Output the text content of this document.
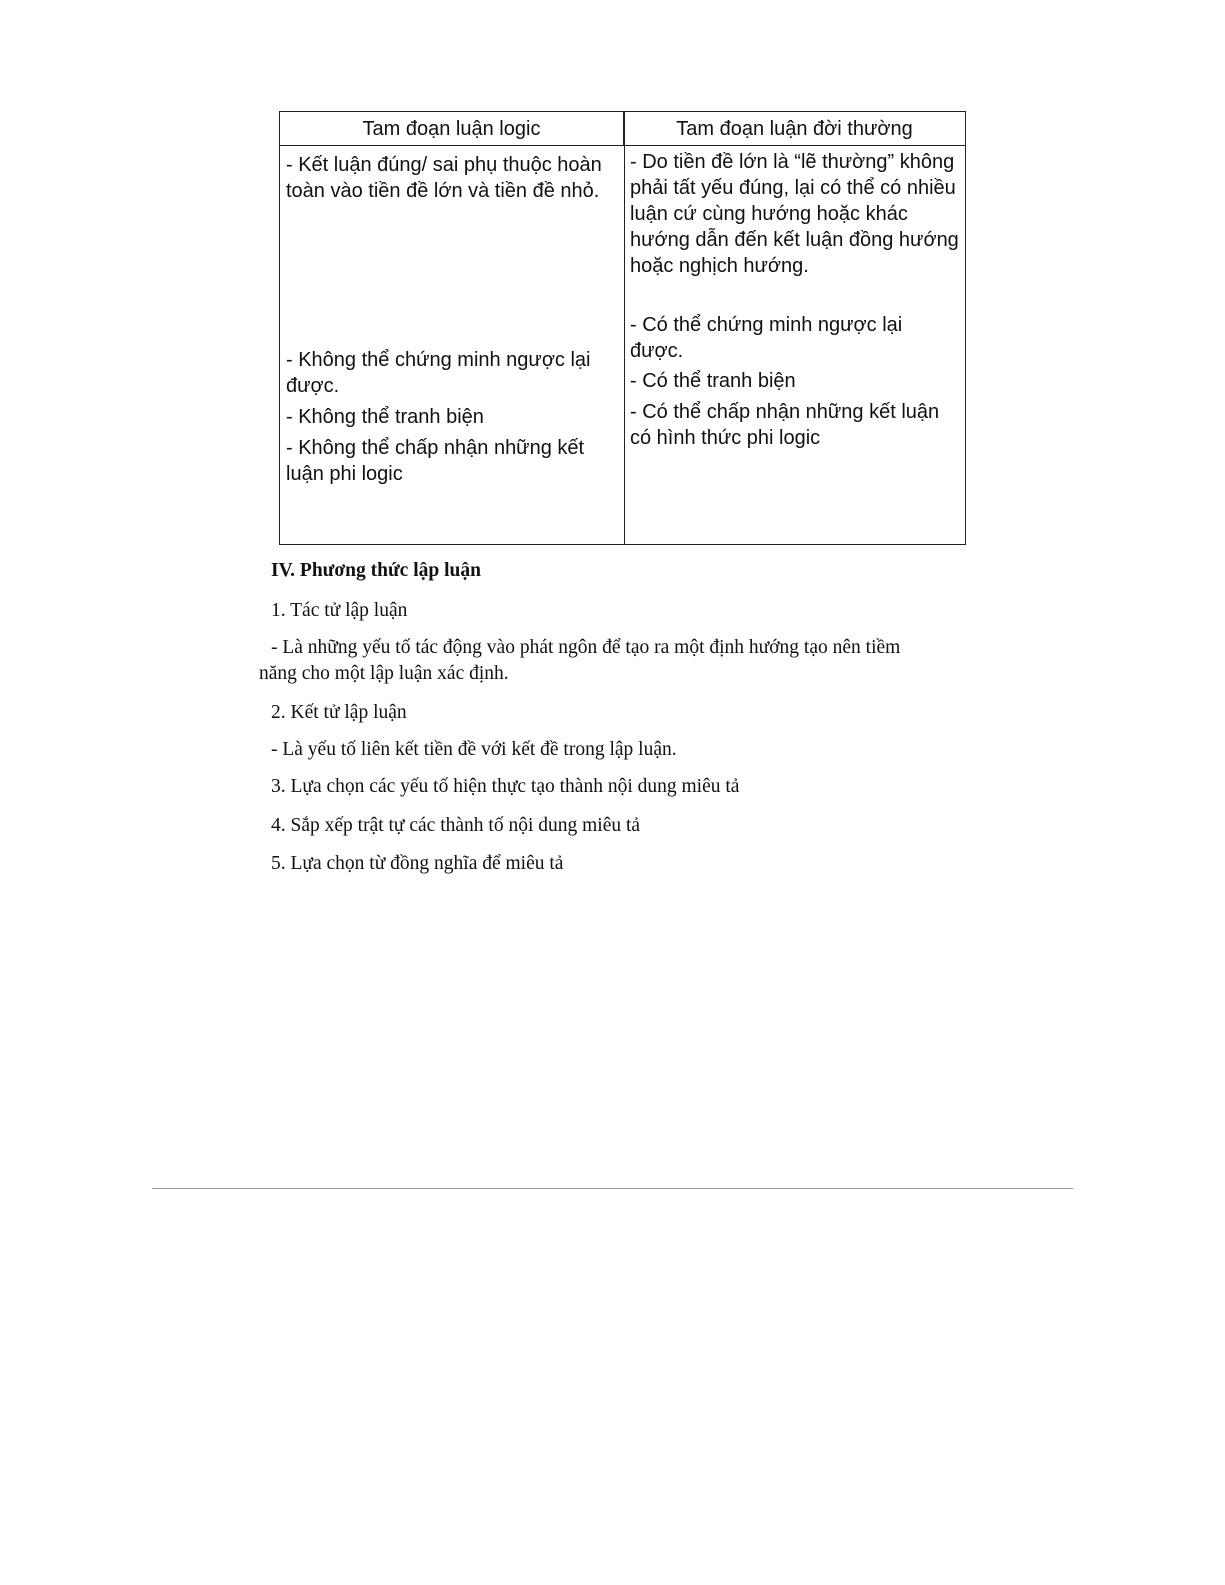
Tam đoạn luận logic	Tam đoạn luận đời thường

- Kết luận đúng/ sai phụ thuộc hoàn toàn vào tiền đề lớn và tiền đề nhỏ.

- Không thể chứng minh ngược lại được.

- Không thể tranh biện

- Không thể chấp nhận những kết luận phi logic

- Do tiền đề lớn là “lẽ thường” không phải tất yếu đúng, lại có thể có nhiều luận cứ cùng hướng hoặc khác hướng dẫn đến kết luận đồng hướng hoặc nghịch hướng.

- Có thể chứng minh ngược lại được.

- Có thể tranh biện

- Có thể chấp nhận những kết luận có hình thức phi logic

IV. Phương thức lập luận

1. Tác tử lập luận

- Là những yếu tố tác động vào phát ngôn để tạo ra một định hướng tạo nên tiềm

năng cho một lập luận xác định.

2. Kết tử lập luận

- Là yếu tố liên kết tiền đề với kết đề trong lập luận.

3. Lựa chọn các yếu tố hiện thực tạo thành nội dung miêu tả

4. Sắp xếp trật tự các thành tố nội dung miêu tả

5. Lựa chọn từ đồng nghĩa để miêu tả
